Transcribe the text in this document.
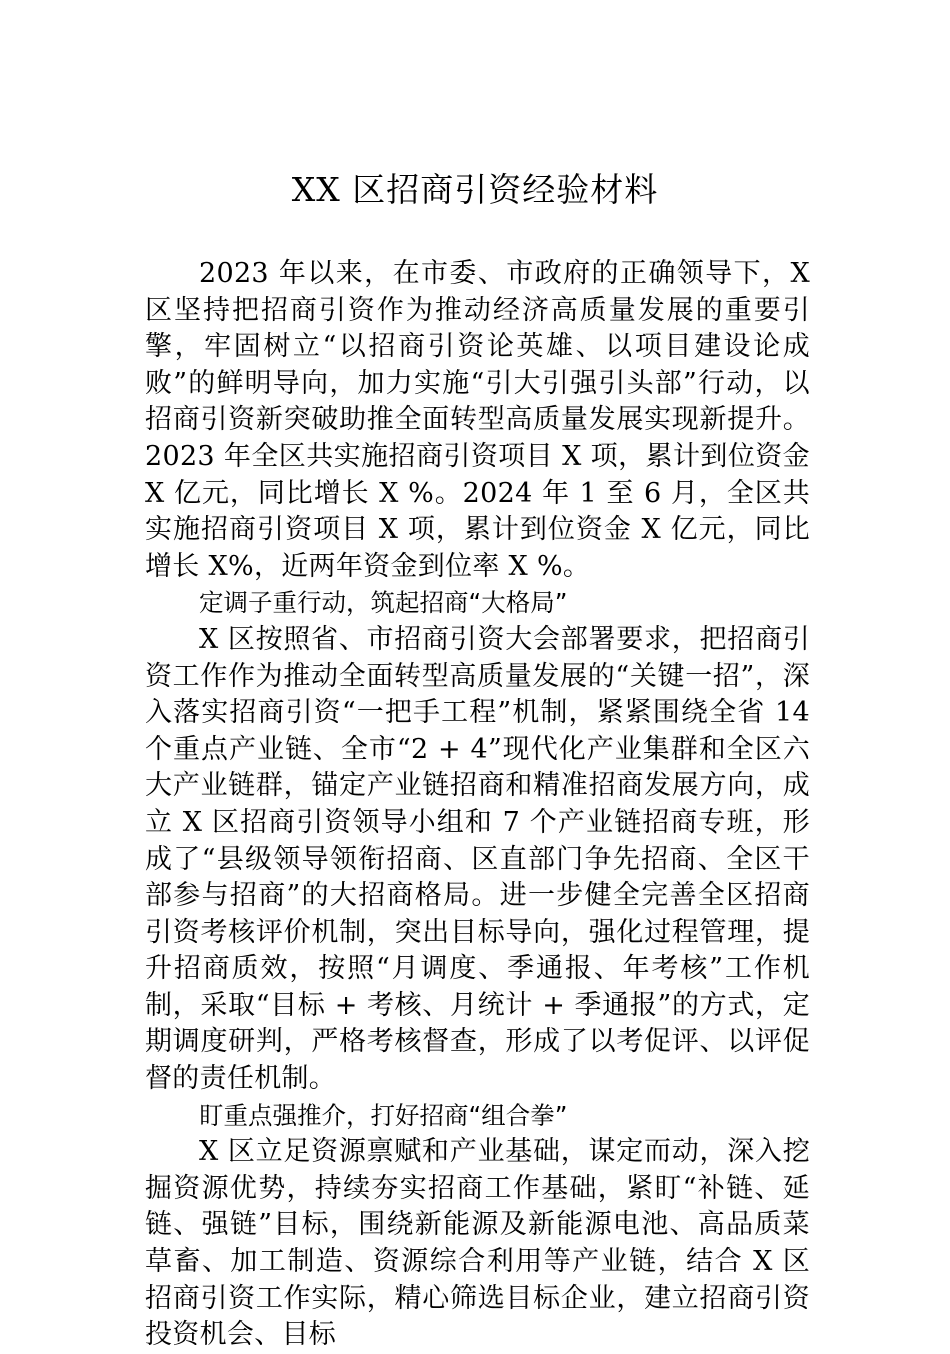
XX 区招商引资经验材料

2023 年以来，在市委、市政府的正确领导下，X 区坚持把招商引资作为推动经济高质量发展的重要引擎，牢固树立“以招商引资论英雄、以项目建设论成败”的鲜明导向，加力实施“引大引强引头部”行动，以招商引资新突破助推全面转型高质量发展实现新提升。2023 年全区共实施招商引资项目 X 项，累计到位资金 X 亿元，同比增长 X %。2024 年 1 至 6 月，全区共实施招商引资项目 X 项，累计到位资金 X 亿元，同比增长 X%，近两年资金到位率 X %。

定调子重行动，筑起招商“大格局”

X 区按照省、市招商引资大会部署要求，把招商引资工作作为推动全面转型高质量发展的“关键一招”，深入落实招商引资“一把手工程”机制，紧紧围绕全省 14 个重点产业链、全市“2 + 4”现代化产业集群和全区六大产业链群，锚定产业链招商和精准招商发展方向，成立 X 区招商引资领导小组和 7 个产业链招商专班，形成了“县级领导领衔招商、区直部门争先招商、全区干部参与招商”的大招商格局。进一步健全完善全区招商引资考核评价机制，突出目标导向，强化过程管理，提升招商质效，按照“月调度、季通报、年考核”工作机制，采取“目标 + 考核、月统计 + 季通报”的方式，定期调度研判，严格考核督查，形成了以考促评、以评促督的责任机制。

盯重点强推介，打好招商“组合拳”

X 区立足资源禀赋和产业基础，谋定而动，深入挖掘资源优势，持续夯实招商工作基础，紧盯“补链、延链、强链”目标，围绕新能源及新能源电池、高品质菜草畜、加工制造、资源综合利用等产业链，结合 X 区招商引资工作实际，精心筛选目标企业，建立招商引资投资机会、目标
